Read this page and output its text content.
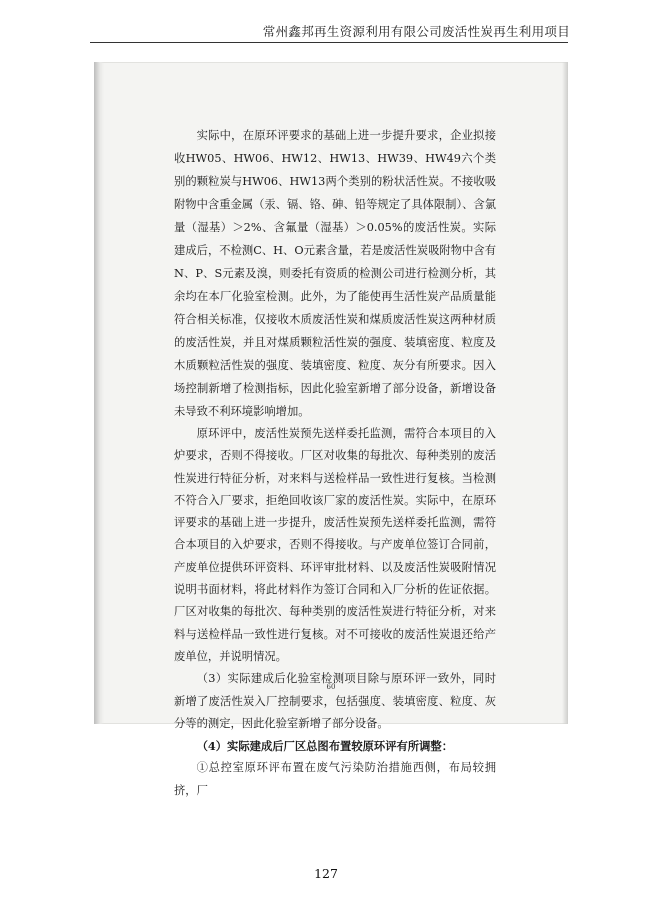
常州鑫邦再生资源利用有限公司废活性炭再生利用项目

实际中，在原环评要求的基础上进一步提升要求，企业拟接收HW05、HW06、HW12、HW13、HW39、HW49六个类别的颗粒炭与HW06、HW13两个类别的粉状活性炭。不接收吸附物中含重金属（汞、镉、铬、砷、铅等规定了具体限制）、含氯量（湿基）＞2%、含氟量（湿基）＞0.05%的废活性炭。实际建成后，不检测C、H、O元素含量，若是废活性炭吸附物中含有N、P、S元素及溴，则委托有资质的检测公司进行检测分析，其余均在本厂化验室检测。此外，为了能使再生活性炭产品质量能符合相关标准，仅接收木质废活性炭和煤质废活性炭这两种材质的废活性炭，并且对煤质颗粒活性炭的强度、装填密度、粒度及木质颗粒活性炭的强度、装填密度、粒度、灰分有所要求。因入场控制新增了检测指标，因此化验室新增了部分设备，新增设备未导致不利环境影响增加。

原环评中，废活性炭预先送样委托监测，需符合本项目的入炉要求，否则不得接收。厂区对收集的每批次、每种类别的废活性炭进行特征分析，对来料与送检样品一致性进行复核。当检测不符合入厂要求，拒绝回收该厂家的废活性炭。实际中，在原环评要求的基础上进一步提升，废活性炭预先送样委托监测，需符合本项目的入炉要求，否则不得接收。与产废单位签订合同前，产废单位提供环评资料、环评审批材料、以及废活性炭吸附情况说明书面材料，将此材料作为签订合同和入厂分析的佐证依据。厂区对收集的每批次、每种类别的废活性炭进行特征分析，对来料与送检样品一致性进行复核。对不可接收的废活性炭退还给产废单位，并说明情况。

（3）实际建成后化验室检测项目除与原环评一致外，同时新增了废活性炭入厂控制要求，包括强度、装填密度、粒度、灰分等的测定，因此化验室新增了部分设备。

（4）实际建成后厂区总图布置较原环评有所调整：

①总控室原环评布置在废气污染防治措施西侧，布局较拥挤，厂

60
127
